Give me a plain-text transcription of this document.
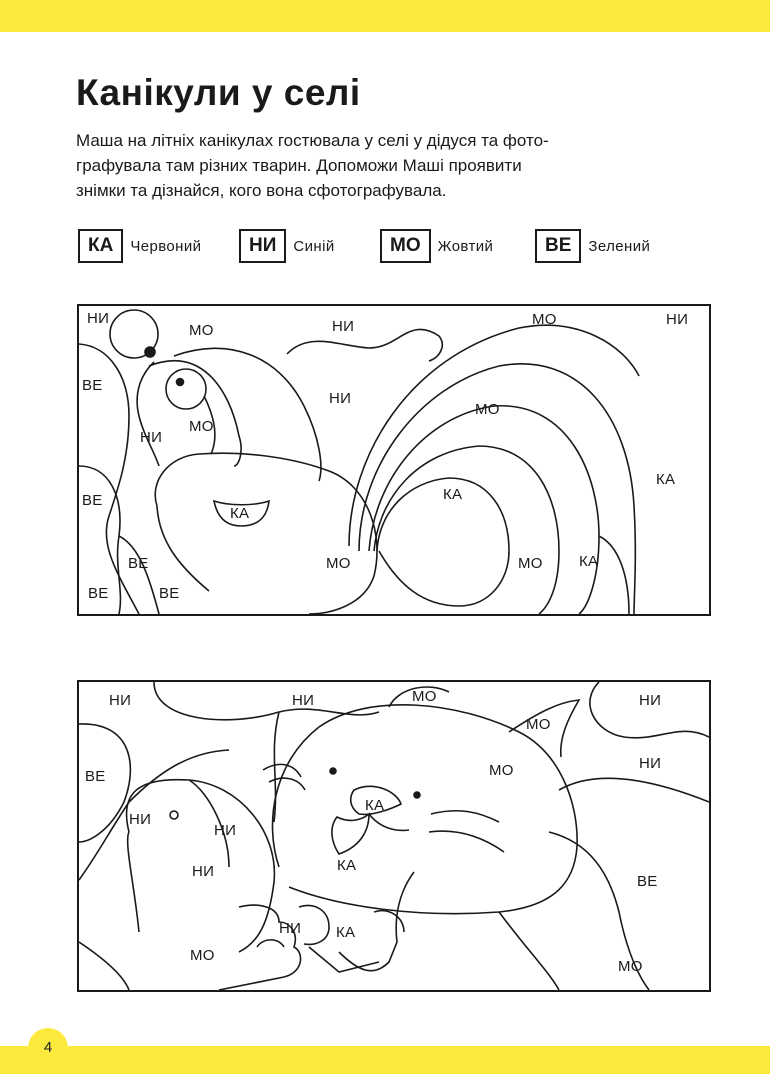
Канікули у селі

Маша на літніх канікулах гостювала у селі у дідуся та фото-
графувала там різних тварин. Допоможи Маші проявити
знімки та дізнайся, кого вона сфотографувала.

КА	Червоний	НИ	Синій	МО	Жовтий	ВЕ	Зелений
НИ
МО	НИ	МО	НИ
ВЕ
НИ
МО
НИ
МО
ВЕ	КА
КА
КА
ВЕ	МО	МО КА
ВЕ	ВЕ
НИ	НИ	МО	НИ
МО
ВЕ	МО	НИ
КА
НИ
НИ
КА
НИ
ВЕ
НИ КА
МО
МО
4
